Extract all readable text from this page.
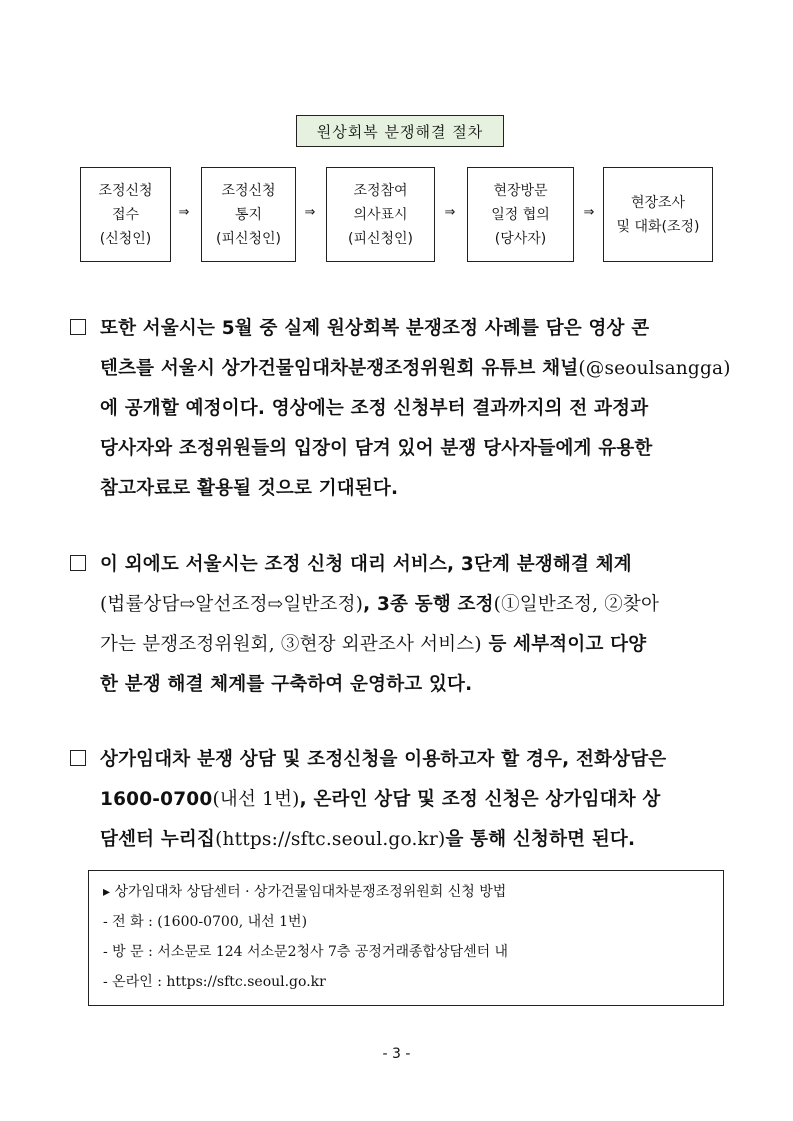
원상회복 분쟁해결 절차
조정신청
접수
(신청인)
⇒
조정신청
통지
(피신청인)
⇒
조정참여
의사표시
(피신청인)
⇒
현장방문
일정 협의
(당사자)
⇒
현장조사
및 대화(조정)
또한 서울시는 5월 중 실제 원상회복 분쟁조정 사례를 담은 영상 콘
텐츠를 서울시 상가건물임대차분쟁조정위원회 유튜브 채널(@seoulsangga)
에 공개할 예정이다. 영상에는 조정 신청부터 결과까지의 전 과정과
당사자와 조정위원들의 입장이 담겨 있어 분쟁 당사자들에게 유용한
참고자료로 활용될 것으로 기대된다.
이 외에도 서울시는 조정 신청 대리 서비스, 3단계 분쟁해결 체계
(법률상담⇨알선조정⇨일반조정), 3종 동행 조정(①일반조정, ②찾아
가는 분쟁조정위원회, ③현장 외관조사 서비스) 등 세부적이고 다양
한 분쟁 해결 체계를 구축하여 운영하고 있다.
상가임대차 분쟁 상담 및 조정신청을 이용하고자 할 경우, 전화상담은
1600-0700(내선 1번), 온라인 상담 및 조정 신청은 상가임대차 상
담센터 누리집(https://sftc.seoul.go.kr)을 통해 신청하면 된다.
▸ 상가임대차 상담센터 · 상가건물임대차분쟁조정위원회 신청 방법
- 전 화 : (1600-0700, 내선 1번)
- 방 문 : 서소문로 124 서소문2청사 7층 공정거래종합상담센터 내
- 온라인 : https://sftc.seoul.go.kr
- 3 -
